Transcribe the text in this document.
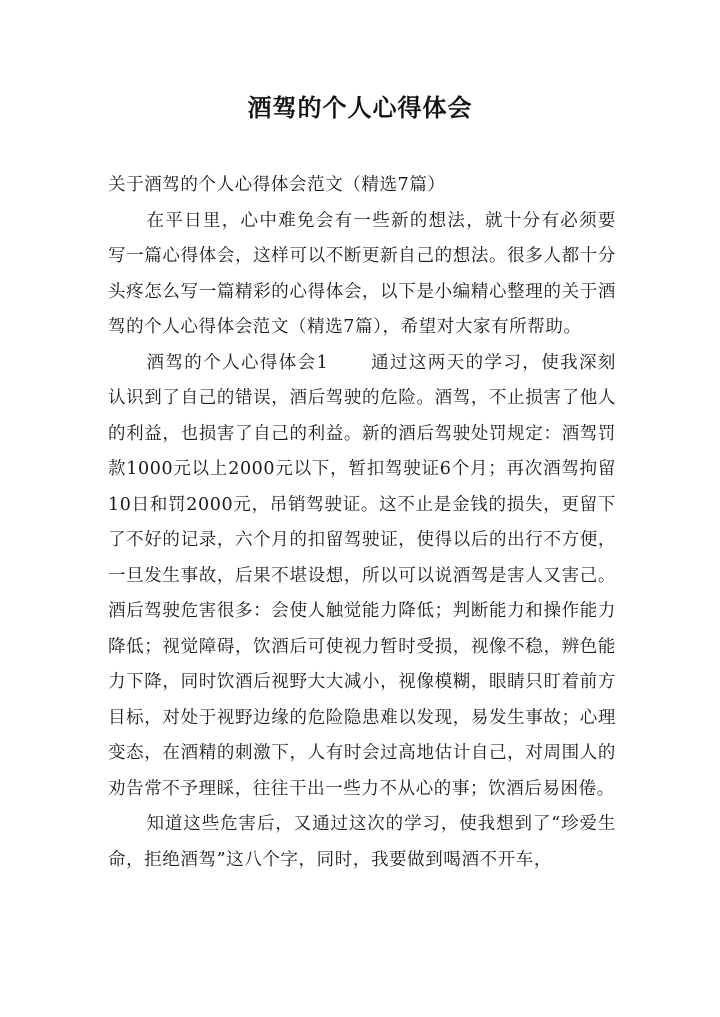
酒驾的个人心得体会

关于酒驾的个人心得体会范文（精选7篇）

在平日里，心中难免会有一些新的想法，就十分有必须要写一篇心得体会，这样可以不断更新自己的想法。很多人都十分头疼怎么写一篇精彩的心得体会，以下是小编精心整理的关于酒驾的个人心得体会范文（精选7篇），希望对大家有所帮助。

酒驾的个人心得体会1 通过这两天的学习，使我深刻认识到了自己的错误，酒后驾驶的危险。酒驾，不止损害了他人的利益，也损害了自己的利益。新的酒后驾驶处罚规定：酒驾罚款1000元以上2000元以下，暂扣驾驶证6个月；再次酒驾拘留10日和罚2000元，吊销驾驶证。这不止是金钱的损失，更留下了不好的记录，六个月的扣留驾驶证，使得以后的出行不方便，一旦发生事故，后果不堪设想，所以可以说酒驾是害人又害己。酒后驾驶危害很多：会使人触觉能力降低；判断能力和操作能力降低；视觉障碍，饮酒后可使视力暂时受损，视像不稳，辨色能力下降，同时饮酒后视野大大减小，视像模糊，眼睛只盯着前方目标，对处于视野边缘的危险隐患难以发现，易发生事故；心理变态，在酒精的刺激下，人有时会过高地估计自己，对周围人的劝告常不予理睬，往往干出一些力不从心的事；饮酒后易困倦。

知道这些危害后，又通过这次的学习，使我想到了“珍爱生命，拒绝酒驾”这八个字，同时，我要做到喝酒不开车，
